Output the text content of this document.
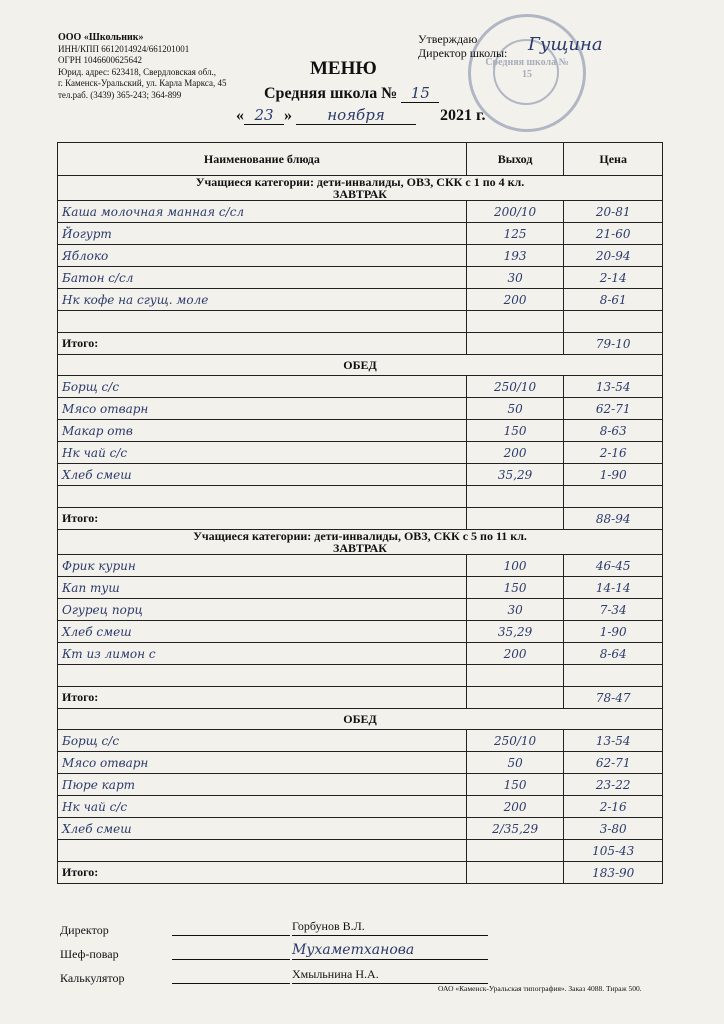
ООО «Школьник»
ИНН/КПП 6612014924/661201001
ОГРН 1046600625642
Юрид. адрес: 623418, Свердловская обл.,
г. Каменск-Уральский, ул. Карла Маркса, 45
тел.раб. (3439) 365-243; 364-899
Средняя школа № 15
Утверждаю
Директор школы: Гущина
МЕНЮ
Средняя школа № 15
« 23 » ноября	2021 г.
Наименование блюда	Выход	Цена

Учащиеся категории: дети-инвалиды, ОВЗ, СКК с 1 по 4 кл.
ЗАВТРАК		

Каша молочная манная с/сл	200/10	20-81
Йогурт	125	21-60
Яблоко	193	20-94
Батон с/сл	30	2-14
Нк кофе на сгущ. моле	200	8-61

Итого:		79-10

ОБЕД		

Борщ с/с	250/10	13-54
Мясо отварн	50	62-71
Макар отв	150	8-63
Нк чай с/с	200	2-16
Хлеб смеш	35,29	1-90

Итого:		88-94

Учащиеся категории: дети-инвалиды, ОВЗ, СКК с 5 по 11 кл.
ЗАВТРАК		

Фрик курин	100	46-45
Кап туш	150	14-14
Огурец порц	30	7-34
Хлеб смеш	35,29	1-90
Кт из лимон с	200	8-64

Итого:		78-47

ОБЕД		

Борщ с/с	250/10	13-54
Мясо отварн	50	62-71
Пюре карт	150	23-22
Нк чай с/с	200	2-16
Хлеб смеш	2/35,29	3-80
		105-43
Итого:		183-90
Директор	Горбунов В.Л.
Шеф-повар	Мухаметханова
Калькулятор	Хмыльнина Н.А.
ОАО «Каменск-Уральская типография». Заказ 4088. Тираж 500.
